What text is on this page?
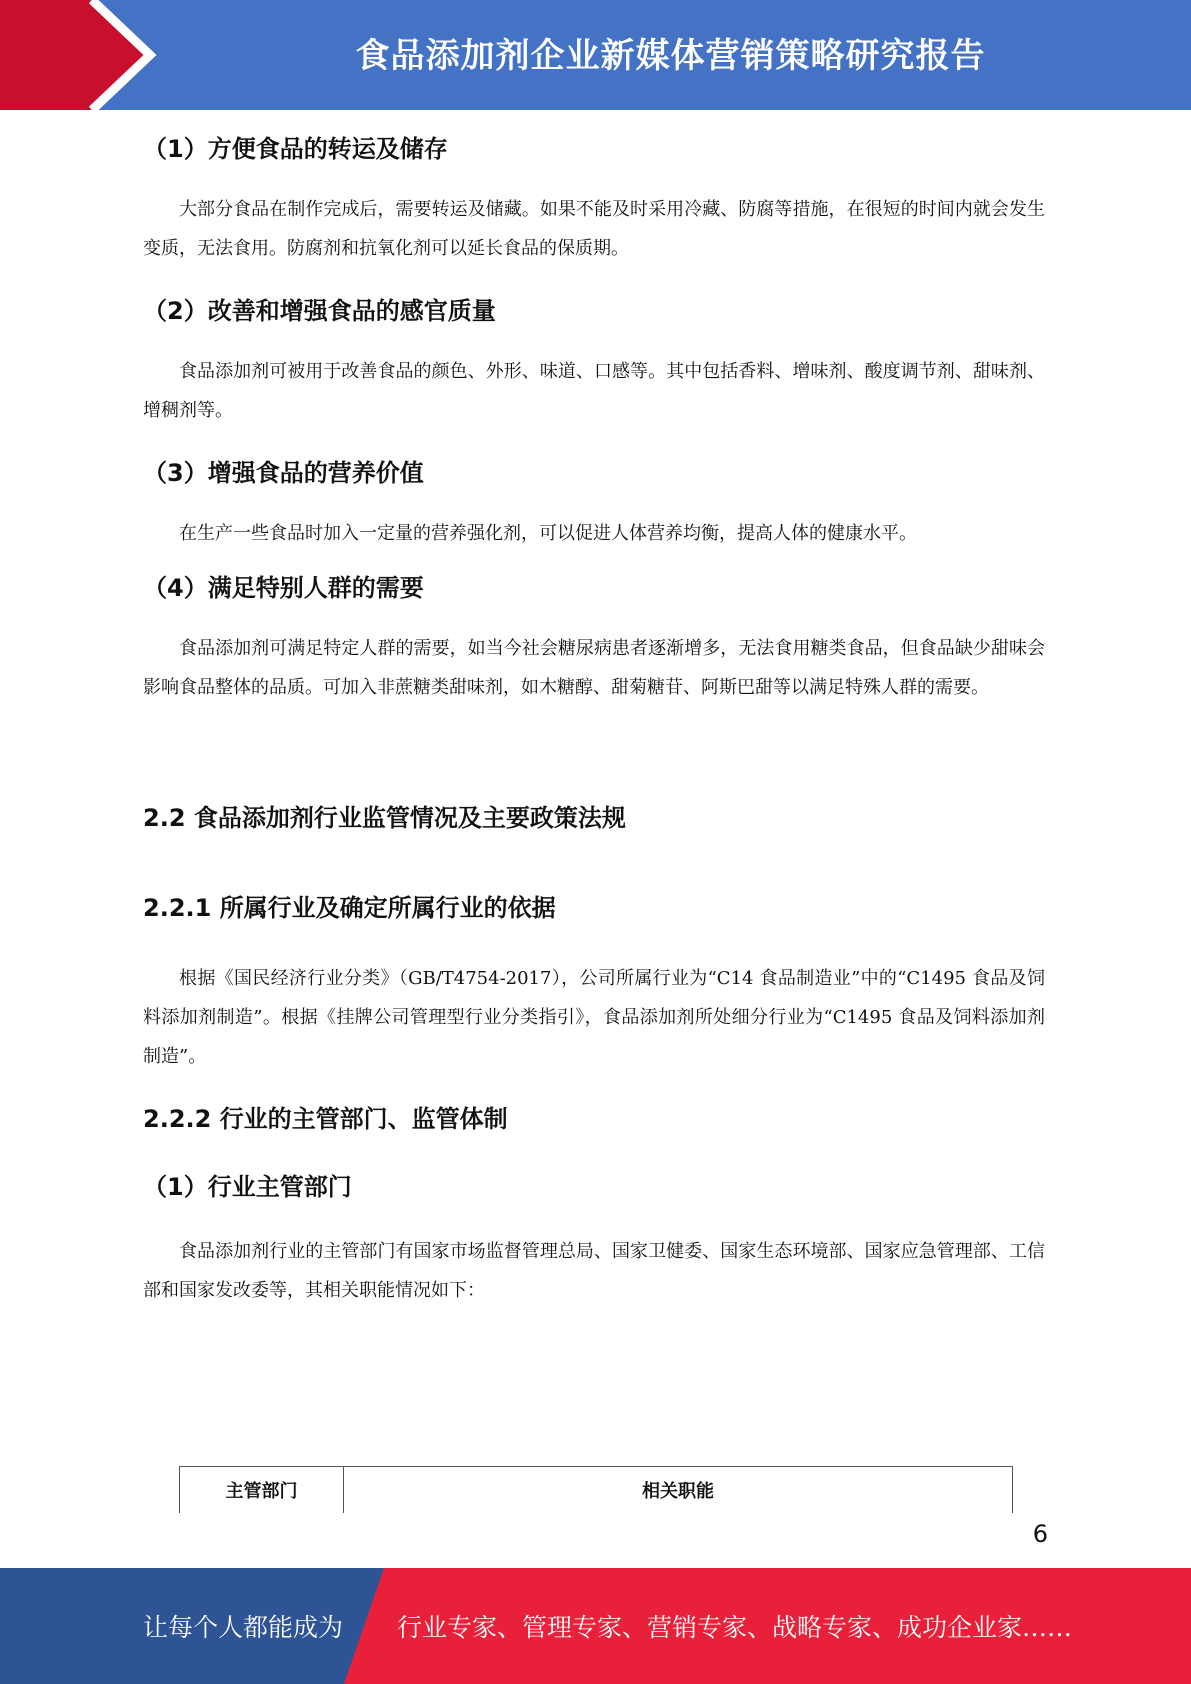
食品添加剂企业新媒体营销策略研究报告
（1）方便食品的转运及储存

大部分食品在制作完成后，需要转运及储藏。如果不能及时采用冷藏、防腐等措施，在很短的时间内就会发生变质，无法食用。防腐剂和抗氧化剂可以延长食品的保质期。

（2）改善和增强食品的感官质量

食品添加剂可被用于改善食品的颜色、外形、味道、口感等。其中包括香料、增味剂、酸度调节剂、甜味剂、增稠剂等。

（3）增强食品的营养价值

在生产一些食品时加入一定量的营养强化剂，可以促进人体营养均衡，提高人体的健康水平。

（4）满足特别人群的需要

食品添加剂可满足特定人群的需要，如当今社会糖尿病患者逐渐增多，无法食用糖类食品，但食品缺少甜味会影响食品整体的品质。可加入非蔗糖类甜味剂，如木糖醇、甜菊糖苷、阿斯巴甜等以满足特殊人群的需要。

2.2 食品添加剂行业监管情况及主要政策法规
2.2.1 所属行业及确定所属行业的依据

根据《国民经济行业分类》（GB/T4754-2017），公司所属行业为“C14 食品制造业”中的“C1495 食品及饲料添加剂制造”。根据《挂牌公司管理型行业分类指引》，食品添加剂所处细分行业为“C1495 食品及饲料添加剂制造”。

2.2.2 行业的主管部门、监管体制
（1）行业主管部门

食品添加剂行业的主管部门有国家市场监督管理总局、国家卫健委、国家生态环境部、国家应急管理部、工信部和国家发改委等，其相关职能情况如下：

主管部门	相关职能
6
让每个人都能成为 行业专家、管理专家、营销专家、战略专家、成功企业家……
